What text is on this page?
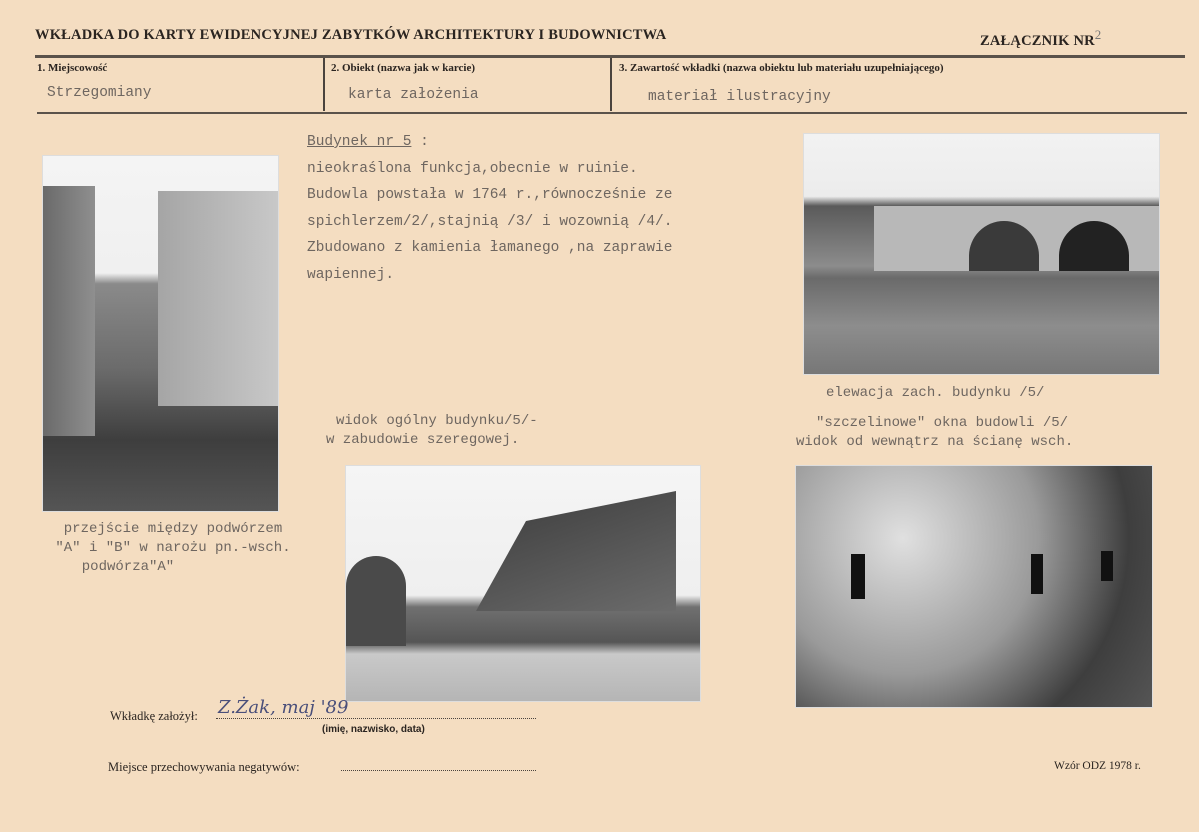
WKŁADKA DO KARTY EWIDENCYJNEJ ZABYTKÓW ARCHITEKTURY I BUDOWNICTWA	ZAŁĄCZNIK $NR^2$
1. Miejscowość	2. Obiekt (nazwa jak w karcie)	3. Zawartość wkładki (nazwa obiektu lub materiału uzupełniającego)
Strzegomiany	karta założenia	materiał ilustracyjny
Budynek nr 5 :
nieokraślona funkcja,obecnie w ruinie.
Budowla powstała w 1764 r.,równocześnie ze
spichlerzem/2/,stajnią /3/ i wozownią /4/.
Zbudowano z kamienia łamanego ,na zaprawie
wapiennej.
przejście między podwórzem
"A" i "B" w narożu pn.-wsch.
podwórza"A"
elewacja zach. budynku /5/
widok ogólny budynku/5/-
w zabudowie szeregowej.
"szczelinowe" okna budowli /5/
widok od wewnątrz na ścianę wsch.
Wkładkę założył: Z.Żak, maj '89
(imię, nazwisko, data)
Miejsce przechowywania negatywów:	Wzór ODZ 1978 r.
